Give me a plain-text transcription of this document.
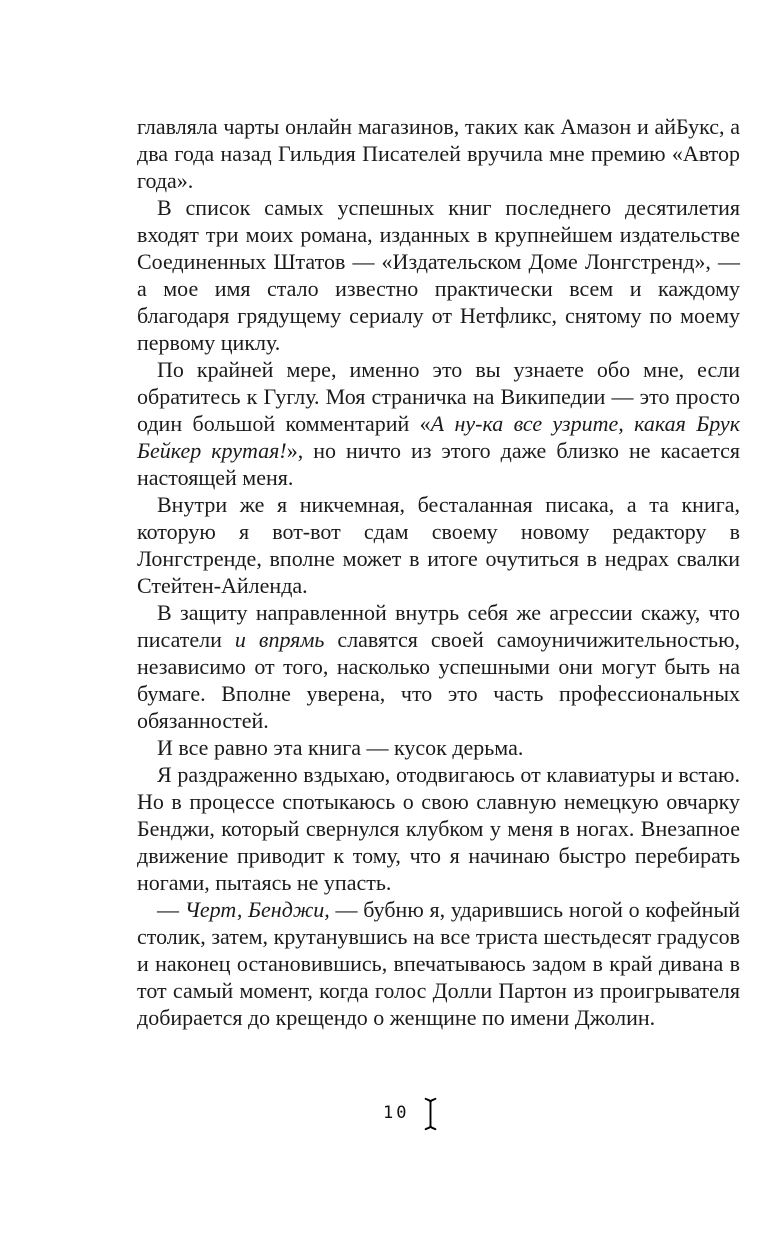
главляла чарты онлайн магазинов, таких как Амазон и айБукс, а два года назад Гильдия Писателей вручила мне премию «Автор года».

В список самых успешных книг последнего десятилетия входят три моих романа, изданных в крупнейшем издательстве Соединенных Штатов — «Издательском Доме Лонгстренд», — а мое имя стало известно практически всем и каждому благодаря грядущему сериалу от Нетфликс, снятому по моему первому циклу.

По крайней мере, именно это вы узнаете обо мне, если обратитесь к Гуглу. Моя страничка на Википедии — это просто один большой комментарий «А ну-ка все узрите, какая Брук Бейкер крутая!», но ничто из этого даже близко не касается настоящей меня.

Внутри же я никчемная, бесталанная писака, а та книга, которую я вот-вот сдам своему новому редактору в Лонгстренде, вполне может в итоге очутиться в недрах свалки Стейтен-Айленда.

В защиту направленной внутрь себя же агрессии скажу, что писатели и впрямь славятся своей самоуничижительностью, независимо от того, насколько успешными они могут быть на бумаге. Вполне уверена, что это часть профессиональных обязанностей.

И все равно эта книга — кусок дерьма.

Я раздраженно вздыхаю, отодвигаюсь от клавиатуры и встаю. Но в процессе спотыкаюсь о свою славную немецкую овчарку Бенджи, который свернулся клубком у меня в ногах. Внезапное движение приводит к тому, что я начинаю быстро перебирать ногами, пытаясь не упасть.

— Черт, Бенджи, — бубню я, ударившись ногой о кофейный столик, затем, крутанувшись на все триста шестьдесят градусов и наконец остановившись, впечатываюсь задом в край дивана в тот самый момент, когда голос Долли Партон из проигрывателя добирается до крещендо о женщине по имени Джолин.

10
